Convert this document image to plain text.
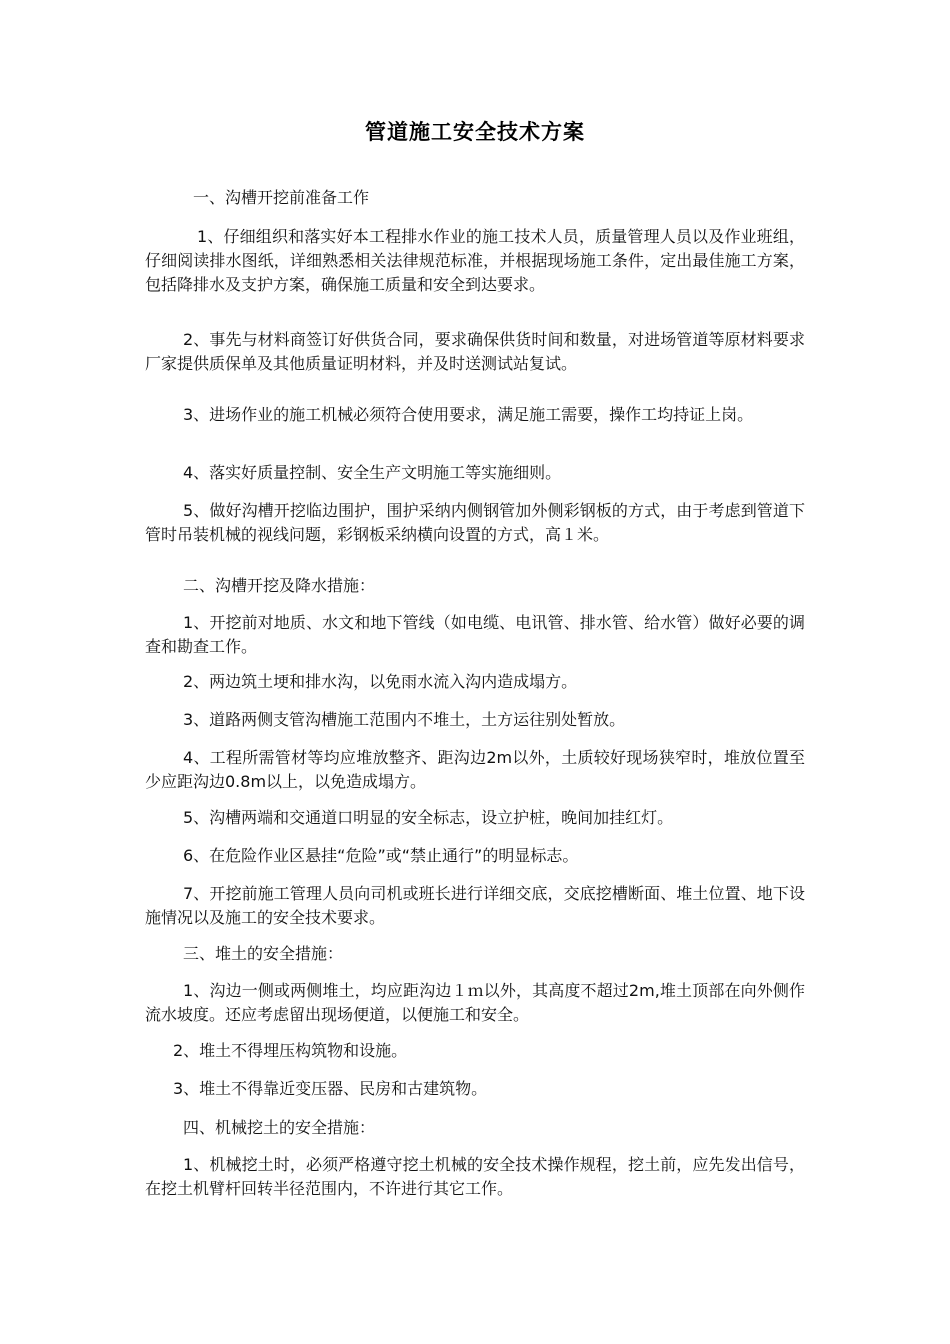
管道施工安全技术方案

一、沟槽开挖前准备工作

1、仔细组织和落实好本工程排水作业的施工技术人员，质量管理人员以及作业班组，仔细阅读排水图纸，详细熟悉相关法律规范标准，并根据现场施工条件，定出最佳施工方案，包括降排水及支护方案，确保施工质量和安全到达要求。

2、事先与材料商签订好供货合同，要求确保供货时间和数量，对进场管道等原材料要求厂家提供质保单及其他质量证明材料，并及时送测试站复试。

3、进场作业的施工机械必须符合使用要求，满足施工需要，操作工均持证上岗。

4、落实好质量控制、安全生产文明施工等实施细则。

5、做好沟槽开挖临边围护，围护采纳内侧钢管加外侧彩钢板的方式，由于考虑到管道下管时吊装机械的视线问题，彩钢板采纳横向设置的方式，高１米。

二、沟槽开挖及降水措施：

1、开挖前对地质、水文和地下管线（如电缆、电讯管、排水管、给水管）做好必要的调查和勘查工作。

2、两边筑土埂和排水沟，以免雨水流入沟内造成塌方。

3、道路两侧支管沟槽施工范围内不堆土，土方运往别处暂放。

4、工程所需管材等均应堆放整齐、距沟边2m以外，土质较好现场狭窄时，堆放位置至少应距沟边0.8m以上，以免造成塌方。

5、沟槽两端和交通道口明显的安全标志，设立护桩，晚间加挂红灯。

6、在危险作业区悬挂“危险”或“禁止通行”的明显标志。

7、开挖前施工管理人员向司机或班长进行详细交底，交底挖槽断面、堆土位置、地下设施情况以及施工的安全技术要求。

三、堆土的安全措施：

1、沟边一侧或两侧堆土，均应距沟边１ｍ以外，其高度不超过2m,堆土顶部在向外侧作流水坡度。还应考虑留出现场便道，以便施工和安全。

2、堆土不得埋压构筑物和设施。

3、堆土不得靠近变压器、民房和古建筑物。

四、机械挖土的安全措施：

1、机械挖土时，必须严格遵守挖土机械的安全技术操作规程，挖土前，应先发出信号，在挖土机臂杆回转半径范围内，不许进行其它工作。
